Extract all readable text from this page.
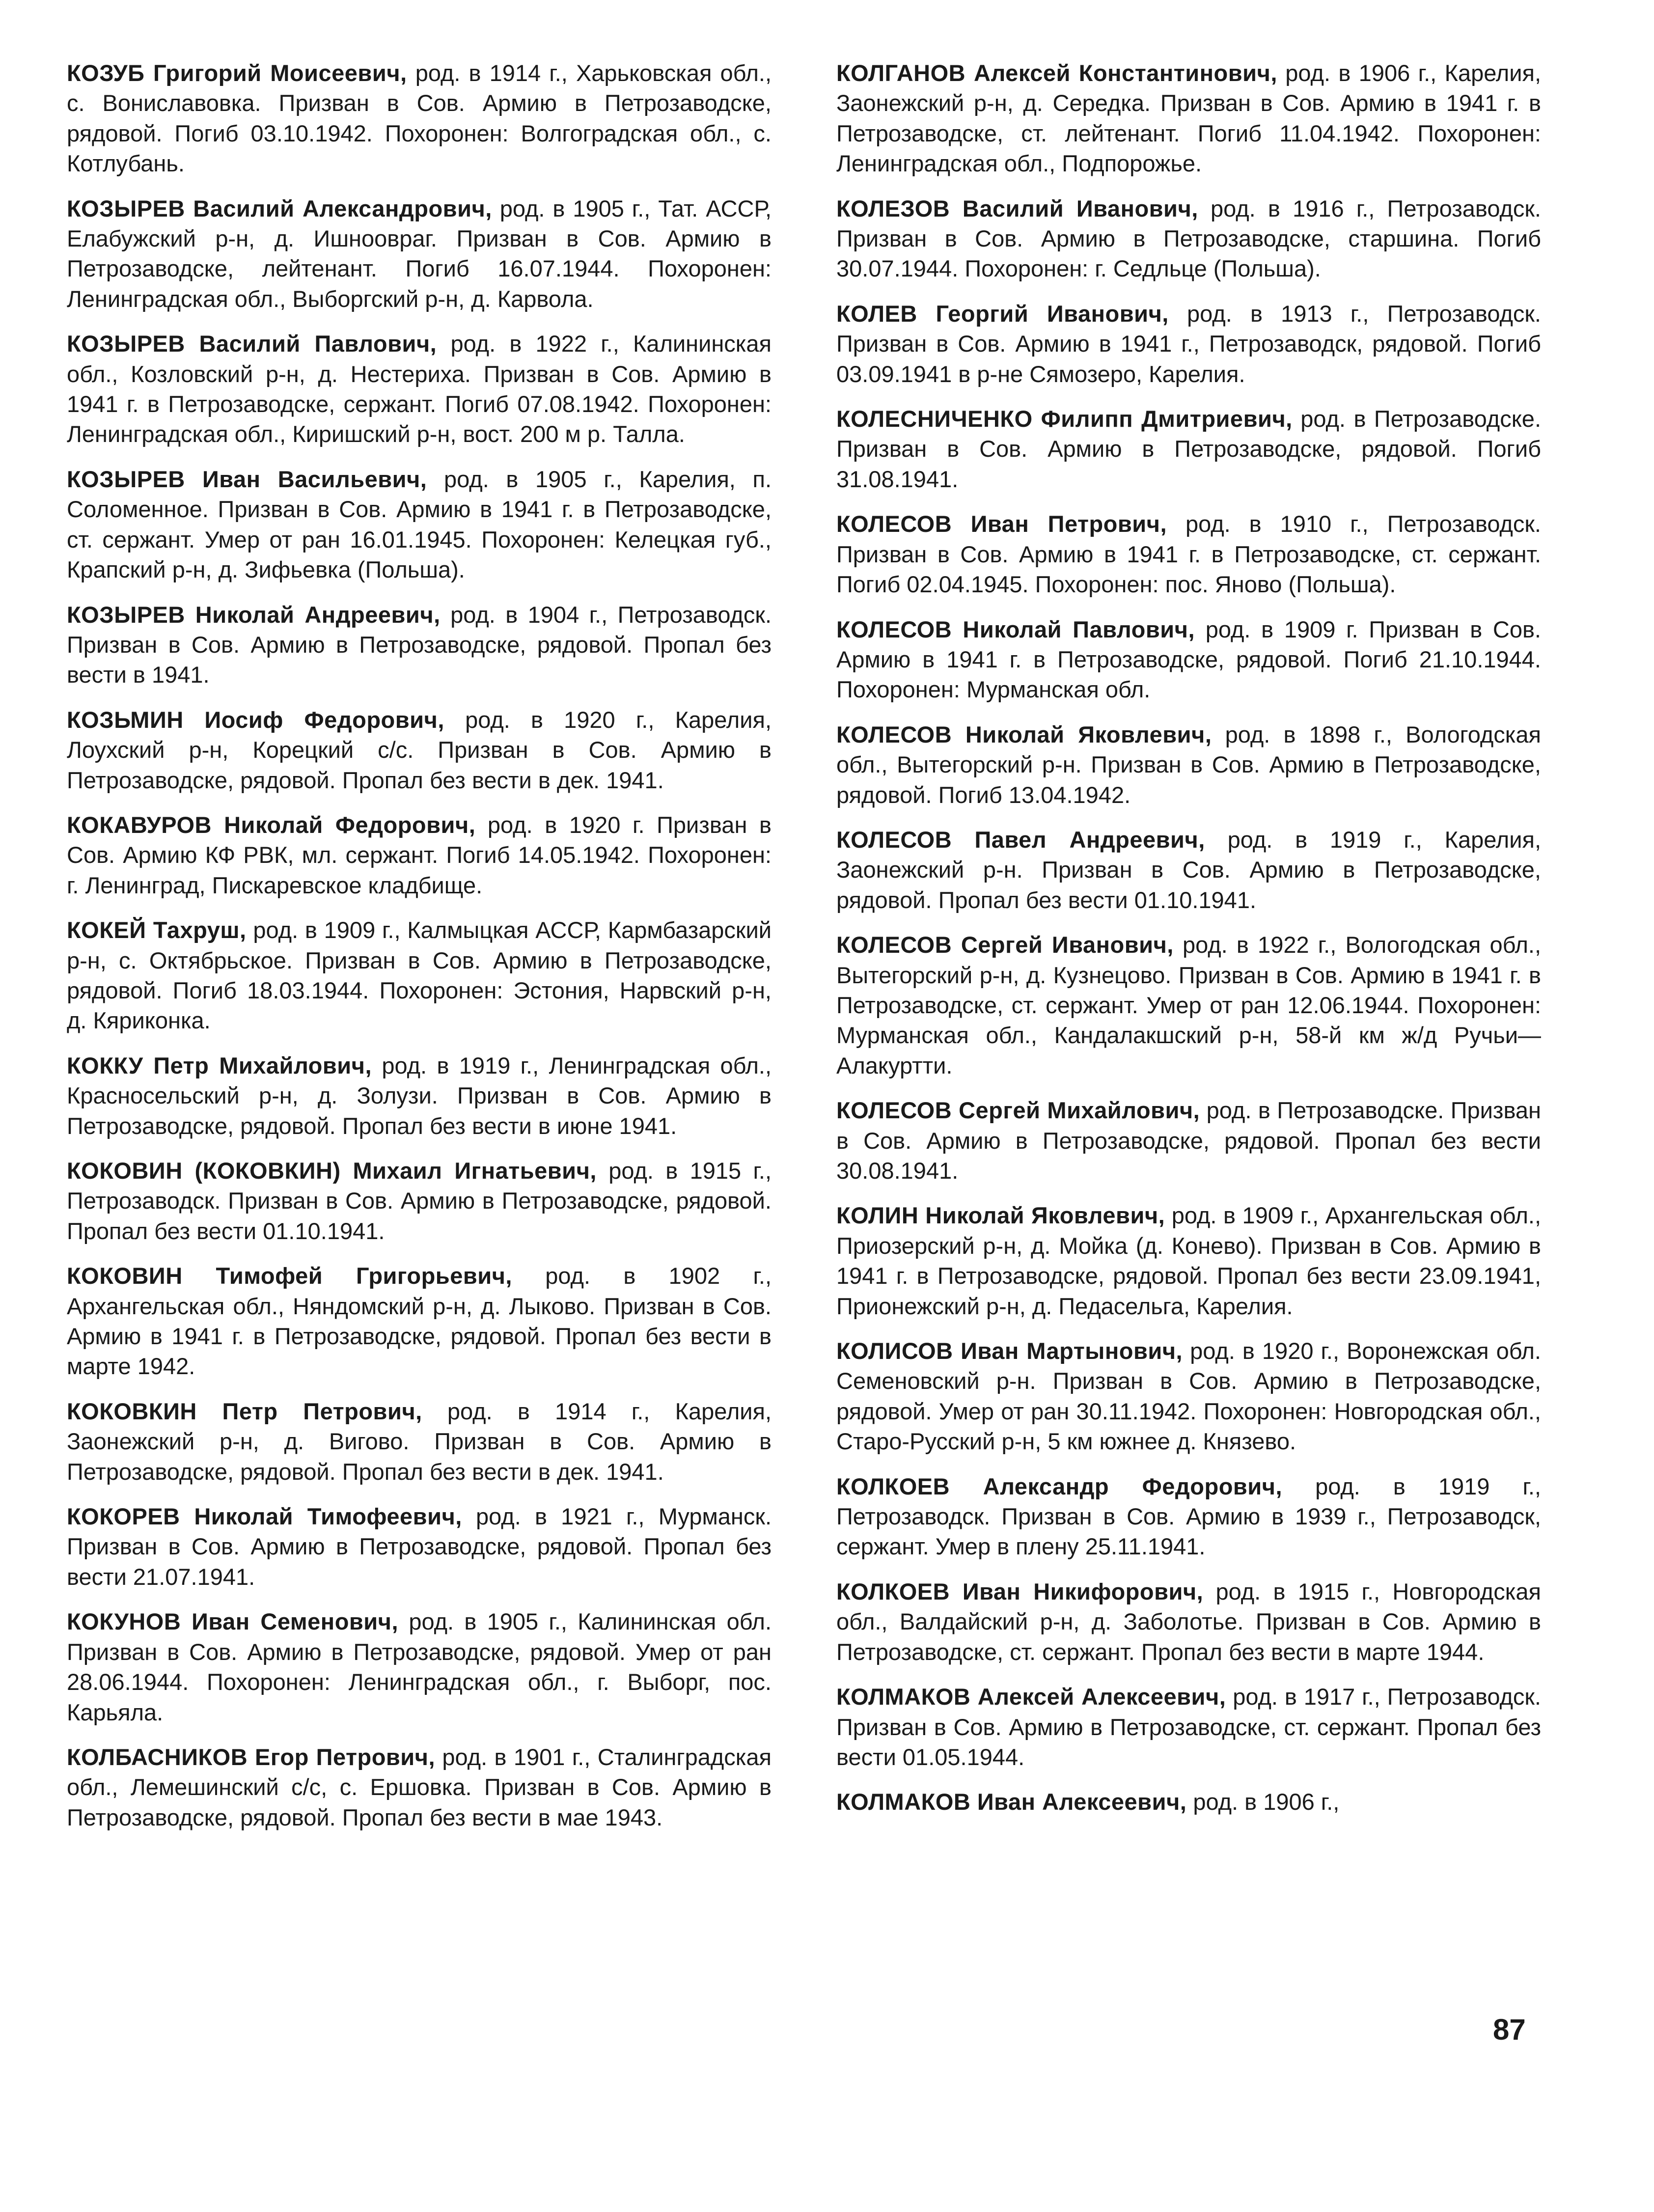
КОЗУБ Григорий Моисеевич, род. в 1914 г., Харьковская обл., с. Вонислaвовка. Призван в Сов. Армию в Петрозаводске, рядовой. Погиб 03.10.1942. Похоронен: Волгоградская обл., с. Котлубань.

КОЗЫРЕВ Василий Александрович, род. в 1905 г., Тат. АССР, Елабужский р-н, д. Ишнoовраг. Призван в Сов. Армию в Петрозаводске, лейтенант. Погиб 16.07.1944. Похоронен: Ленинградская обл., Выборгский р-н, д. Карвола.

КОЗЫРЕВ Василий Павлович, род. в 1922 г., Калининская обл., Козловский р-н, д. Нестериха. Призван в Сов. Армию в 1941 г. в Петрозаводске, сержант. Погиб 07.08.1942. Похоронен: Ленинградская обл., Киришский р-н, вост. 200 м р. Талла.

КОЗЫРЕВ Иван Васильевич, род. в 1905 г., Карелия, п. Соломенное. Призван в Сов. Армию в 1941 г. в Петрозаводске, ст. сержант. Умер от ран 16.01.1945. Похоронен: Келецкая губ., Крапский р-н, д. Зифьевка (Польша).

КОЗЫРЕВ Николай Андреевич, род. в 1904 г., Петрозаводск. Призван в Сов. Армию в Петрозаводске, рядовой. Пропал без вести в 1941.

КОЗЬМИН Иосиф Федорович, род. в 1920 г., Карелия, Лоухский р-н, Корецкий с/с. Призван в Сов. Армию в Петрозаводске, рядовой. Пропал без вести в дек. 1941.

КОКАВУРОВ Николай Федорович, род. в 1920 г. Призван в Сов. Армию КФ РВК, мл. сержант. Погиб 14.05.1942. Похоронен: г. Ленинград, Пискаревское кладбище.

КОКЕЙ Тахруш, род. в 1909 г., Калмыцкая АССР, Кармбазарский р-н, с. Октябрьское. Призван в Сов. Армию в Петрозаводске, рядовой. Погиб 18.03.1944. Похоронен: Эстония, Нарвский р-н, д. Кяриконка.

КОККУ Петр Михайлович, род. в 1919 г., Ленинградская обл., Красносельский р-н, д. Золузи. Призван в Сов. Армию в Петрозаводске, рядовой. Пропал без вести в июне 1941.

КОКОВИН (КОКОВКИН) Михаил Игнатьевич, род. в 1915 г., Петрозаводск. Призван в Сов. Армию в Петрозаводске, рядовой. Пропал без вести 01.10.1941.

КОКОВИН Тимофей Григорьевич, род. в 1902 г., Архангельская обл., Няндомский р-н, д. Лыково. Призван в Сов. Армию в 1941 г. в Петрозаводске, рядовой. Пропал без вести в марте 1942.

КОКОВКИН Петр Петрович, род. в 1914 г., Карелия, Заонежский р-н, д. Вигово. Призван в Сов. Армию в Петрозаводске, рядовой. Пропал без вести в дек. 1941.

КОКОРЕВ Николай Тимофеевич, род. в 1921 г., Мурманск. Призван в Сов. Армию в Петрозаводске, рядовой. Пропал без вести 21.07.1941.

КОКУНОВ Иван Семенович, род. в 1905 г., Калининская обл. Призван в Сов. Армию в Петрозаводске, рядовой. Умер от ран 28.06.1944. Похоронен: Ленинградская обл., г. Выборг, пос. Карьяла.

КОЛБАСНИКОВ Егор Петрович, род. в 1901 г., Сталинградская обл., Лемешинский с/с, с. Ершовка. Призван в Сов. Армию в Петрозаводске, рядовой. Пропал без вести в мае 1943.

КОЛГАНОВ Алексей Константинович, род. в 1906 г., Карелия, Заонежский р-н, д. Середка. Призван в Сов. Армию в 1941 г. в Петрозаводске, ст. лейтенант. Погиб 11.04.1942. Похоронен: Ленинградская обл., Подпорожье.

КОЛЕЗОВ Василий Иванович, род. в 1916 г., Петрозаводск. Призван в Сов. Армию в Петрозаводске, старшина. Погиб 30.07.1944. Похоронен: г. Седльце (Польша).

КОЛЕВ Георгий Иванович, род. в 1913 г., Петрозаводск. Призван в Сов. Армию в 1941 г., Петрозаводск, рядовой. Погиб 03.09.1941 в р-не Сямозеро, Карелия.

КОЛЕСНИЧЕНКО Филипп Дмитриевич, род. в Петрозаводске. Призван в Сов. Армию в Петрозаводске, рядовой. Погиб 31.08.1941.

КОЛЕСОВ Иван Петрович, род. в 1910 г., Петрозаводск. Призван в Сов. Армию в 1941 г. в Петрозаводске, ст. сержант. Погиб 02.04.1945. Похоронен: пос. Яново (Польша).

КОЛЕСОВ Николай Павлович, род. в 1909 г. Призван в Сов. Армию в 1941 г. в Петрозаводске, рядовой. Погиб 21.10.1944. Похоронен: Мурманская обл.

КОЛЕСОВ Николай Яковлевич, род. в 1898 г., Вологодская обл., Вытегорский р-н. Призван в Сов. Армию в Петрозаводске, рядовой. Погиб 13.04.1942.

КОЛЕСОВ Павел Андреевич, род. в 1919 г., Карелия, Заонежский р-н. Призван в Сов. Армию в Петрозаводске, рядовой. Пропал без вести 01.10.1941.

КОЛЕСОВ Сергей Иванович, род. в 1922 г., Вологодская обл., Вытегорский р-н, д. Кузнецово. Призван в Сов. Армию в 1941 г. в Петрозаводске, ст. сержант. Умер от ран 12.06.1944. Похоронен: Мурманская обл., Кандалакшский р-н, 58-й км ж/д Ручьи—Алакуртти.

КОЛЕСОВ Сергей Михайлович, род. в Петрозаводске. Призван в Сов. Армию в Петрозаводске, рядовой. Пропал без вести 30.08.1941.

КОЛИН Николай Яковлевич, род. в 1909 г., Архангельская обл., Приозерский р-н, д. Мойка (д. Конево). Призван в Сов. Армию в 1941 г. в Петрозаводске, рядовой. Пропал без вести 23.09.1941, Прионежский р-н, д. Педасельга, Карелия.

КОЛИСОВ Иван Мартынович, род. в 1920 г., Воронежская обл. Семеновский р-н. Призван в Сов. Армию в Петрозаводске, рядовой. Умер от ран 30.11.1942. Похоронен: Новгородская обл., Старо-Русский р-н, 5 км южнее д. Князево.

КОЛКОЕВ Александр Федорович, род. в 1919 г., Петрозаводск. Призван в Сов. Армию в 1939 г., Петрозаводск, сержант. Умер в плену 25.11.1941.

КОЛКОЕВ Иван Никифорович, род. в 1915 г., Новгородская обл., Валдайский р-н, д. Заболотье. Призван в Сов. Армию в Петрозаводске, ст. сержант. Пропал без вести в марте 1944.

КОЛМАКОВ Алексей Алексеевич, род. в 1917 г., Петрозаводск. Призван в Сов. Армию в Петрозаводске, ст. сержант. Пропал без вести 01.05.1944.

КОЛМАКОВ Иван Алексеевич, род. в 1906 г.,

87
